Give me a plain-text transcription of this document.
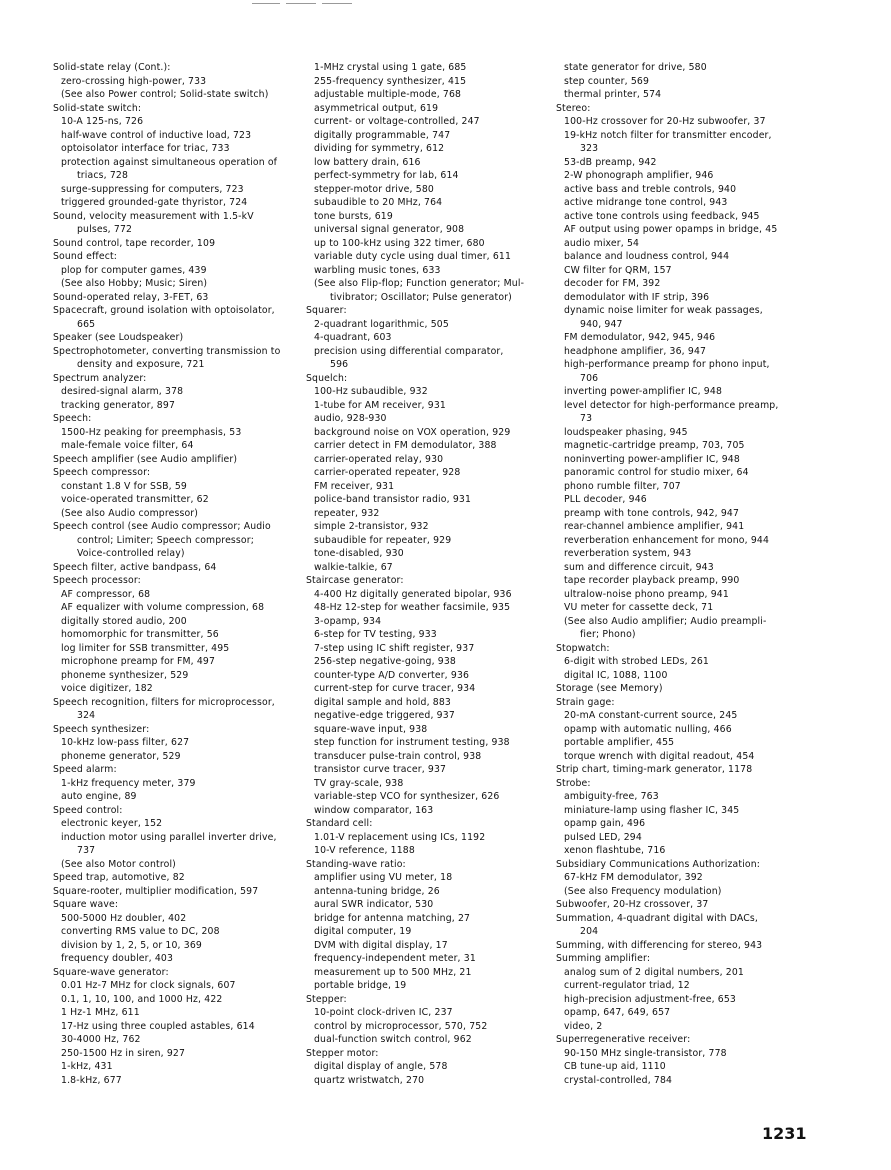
Solid-state relay (Cont.):
zero-crossing high-power, 733
(See also Power control; Solid-state switch)
Solid-state switch:
10-A 125-ns, 726
half-wave control of inductive load, 723
optoisolator interface for triac, 733
protection against simultaneous operation of
triacs, 728
surge-suppressing for computers, 723
triggered grounded-gate thyristor, 724
Sound, velocity measurement with 1.5-kV
pulses, 772
Sound control, tape recorder, 109
Sound effect:
plop for computer games, 439
(See also Hobby; Music; Siren)
Sound-operated relay, 3-FET, 63
Spacecraft, ground isolation with optoisolator,
665
Speaker (see Loudspeaker)
Spectrophotometer, converting transmission to
density and exposure, 721
Spectrum analyzer:
desired-signal alarm, 378
tracking generator, 897
Speech:
1500-Hz peaking for preemphasis, 53
male-female voice filter, 64
Speech amplifier (see Audio amplifier)
Speech compressor:
constant 1.8 V for SSB, 59
voice-operated transmitter, 62
(See also Audio compressor)
Speech control (see Audio compressor; Audio
control; Limiter; Speech compressor;
Voice-controlled relay)
Speech filter, active bandpass, 64
Speech processor:
AF compressor, 68
AF equalizer with volume compression, 68
digitally stored audio, 200
homomorphic for transmitter, 56
log limiter for SSB transmitter, 495
microphone preamp for FM, 497
phoneme synthesizer, 529
voice digitizer, 182
Speech recognition, filters for microprocessor,
324
Speech synthesizer:
10-kHz low-pass filter, 627
phoneme generator, 529
Speed alarm:
1-kHz frequency meter, 379
auto engine, 89
Speed control:
electronic keyer, 152
induction motor using parallel inverter drive,
737
(See also Motor control)
Speed trap, automotive, 82
Square-rooter, multiplier modification, 597
Square wave:
500-5000 Hz doubler, 402
converting RMS value to DC, 208
division by 1, 2, 5, or 10, 369
frequency doubler, 403
Square-wave generator:
0.01 Hz-7 MHz for clock signals, 607
0.1, 1, 10, 100, and 1000 Hz, 422
1 Hz-1 MHz, 611
17-Hz using three coupled astables, 614
30-4000 Hz, 762
250-1500 Hz in siren, 927
1-kHz, 431
1.8-kHz, 677
1-MHz crystal using 1 gate, 685
255-frequency synthesizer, 415
adjustable multiple-mode, 768
asymmetrical output, 619
current- or voltage-controlled, 247
digitally programmable, 747
dividing for symmetry, 612
low battery drain, 616
perfect-symmetry for lab, 614
stepper-motor drive, 580
subaudible to 20 MHz, 764
tone bursts, 619
universal signal generator, 908
up to 100-kHz using 322 timer, 680
variable duty cycle using dual timer, 611
warbling music tones, 633
(See also Flip-flop; Function generator; Mul-
tivibrator; Oscillator; Pulse generator)
Squarer:
2-quadrant logarithmic, 505
4-quadrant, 603
precision using differential comparator,
596
Squelch:
100-Hz subaudible, 932
1-tube for AM receiver, 931
audio, 928-930
background noise on VOX operation, 929
carrier detect in FM demodulator, 388
carrier-operated relay, 930
carrier-operated repeater, 928
FM receiver, 931
police-band transistor radio, 931
repeater, 932
simple 2-transistor, 932
subaudible for repeater, 929
tone-disabled, 930
walkie-talkie, 67
Staircase generator:
4-400 Hz digitally generated bipolar, 936
48-Hz 12-step for weather facsimile, 935
3-opamp, 934
6-step for TV testing, 933
7-step using IC shift register, 937
256-step negative-going, 938
counter-type A/D converter, 936
current-step for curve tracer, 934
digital sample and hold, 883
negative-edge triggered, 937
square-wave input, 938
step function for instrument testing, 938
transducer pulse-train control, 938
transistor curve tracer, 937
TV gray-scale, 938
variable-step VCO for synthesizer, 626
window comparator, 163
Standard cell:
1.01-V replacement using ICs, 1192
10-V reference, 1188
Standing-wave ratio:
amplifier using VU meter, 18
antenna-tuning bridge, 26
aural SWR indicator, 530
bridge for antenna matching, 27
digital computer, 19
DVM with digital display, 17
frequency-independent meter, 31
measurement up to 500 MHz, 21
portable bridge, 19
Stepper:
10-point clock-driven IC, 237
control by microprocessor, 570, 752
dual-function switch control, 962
Stepper motor:
digital display of angle, 578
quartz wristwatch, 270
state generator for drive, 580
step counter, 569
thermal printer, 574
Stereo:
100-Hz crossover for 20-Hz subwoofer, 37
19-kHz notch filter for transmitter encoder,
323
53-dB preamp, 942
2-W phonograph amplifier, 946
active bass and treble controls, 940
active midrange tone control, 943
active tone controls using feedback, 945
AF output using power opamps in bridge, 45
audio mixer, 54
balance and loudness control, 944
CW filter for QRM, 157
decoder for FM, 392
demodulator with IF strip, 396
dynamic noise limiter for weak passages,
940, 947
FM demodulator, 942, 945, 946
headphone amplifier, 36, 947
high-performance preamp for phono input,
706
inverting power-amplifier IC, 948
level detector for high-performance preamp,
73
loudspeaker phasing, 945
magnetic-cartridge preamp, 703, 705
noninverting power-amplifier IC, 948
panoramic control for studio mixer, 64
phono rumble filter, 707
PLL decoder, 946
preamp with tone controls, 942, 947
rear-channel ambience amplifier, 941
reverberation enhancement for mono, 944
reverberation system, 943
sum and difference circuit, 943
tape recorder playback preamp, 990
ultralow-noise phono preamp, 941
VU meter for cassette deck, 71
(See also Audio amplifier; Audio preampli-
fier; Phono)
Stopwatch:
6-digit with strobed LEDs, 261
digital IC, 1088, 1100
Storage (see Memory)
Strain gage:
20-mA constant-current source, 245
opamp with automatic nulling, 466
portable amplifier, 455
torque wrench with digital readout, 454
Strip chart, timing-mark generator, 1178
Strobe:
ambiguity-free, 763
miniature-lamp using flasher IC, 345
opamp gain, 496
pulsed LED, 294
xenon flashtube, 716
Subsidiary Communications Authorization:
67-kHz FM demodulator, 392
(See also Frequency modulation)
Subwoofer, 20-Hz crossover, 37
Summation, 4-quadrant digital with DACs,
204
Summing, with differencing for stereo, 943
Summing amplifier:
analog sum of 2 digital numbers, 201
current-regulator triad, 12
high-precision adjustment-free, 653
opamp, 647, 649, 657
video, 2
Superregenerative receiver:
90-150 MHz single-transistor, 778
CB tune-up aid, 1110
crystal-controlled, 784
1231
